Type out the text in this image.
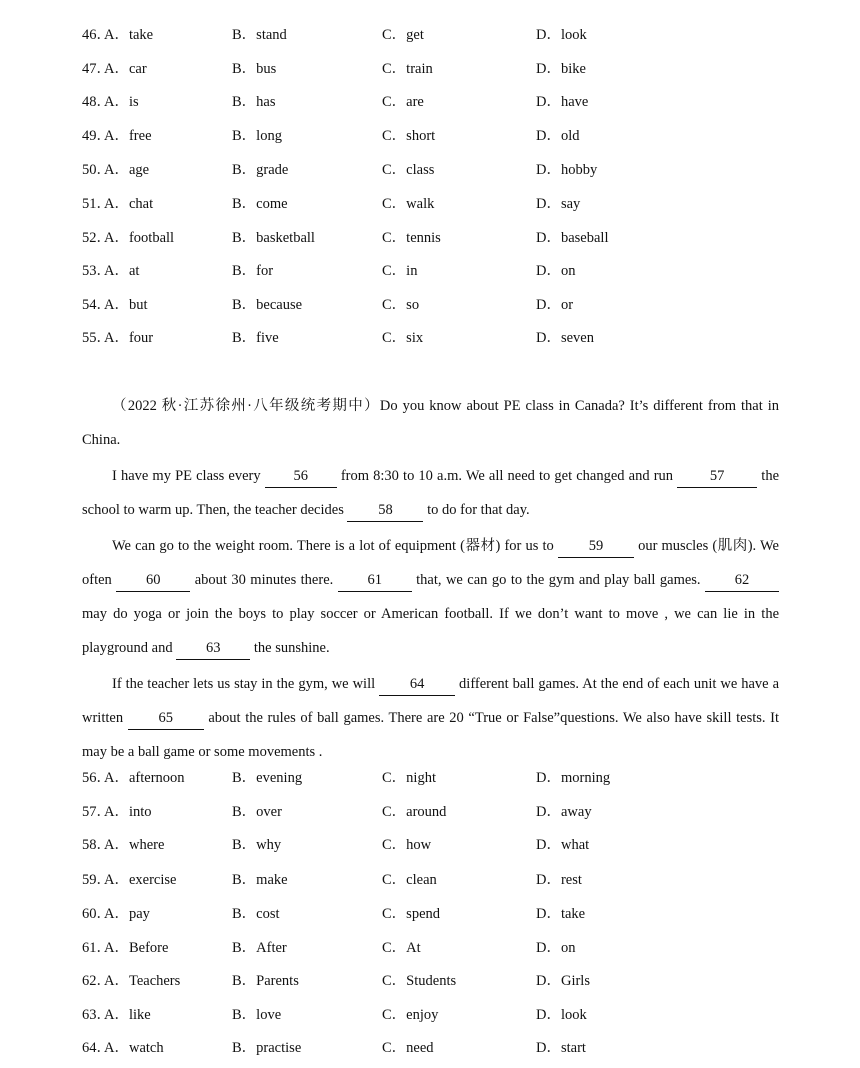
46．
A．take	B．stand	C．get	D．look
47．
A．car	B．bus	C．train	D．bike
48．
A．is	B．has	C．are	D．have
49．
A．free	B．long	C．short	D．old
50．
A．age	B．grade	C．class	D．hobby
51．
A．chat	B．come	C．walk	D．say
52．
A．football	B．basketball	C．tennis	D．baseball
53．
A．at	B．for	C．in	D．on
54．
A．but	B．because	C．so	D．or
55．
A．four	B．five	C．six	D．seven

（2022 秋·江苏徐州·八年级统考期中）Do you know about PE class in Canada? It’s different from that in China.

I have my PE class every 56 from 8:30 to 10 a.m. We all need to get changed and run 57 the school to warm up. Then, the teacher decides 58 to do for that day.

We can go to the weight room. There is a lot of equipment (器材) for us to 59 our muscles (肌肉). We often 60 about 30 minutes there. 61 that, we can go to the gym and play ball games. 62may do yoga or join the boys to play soccer or American football. If we don’t want to move , we can lie in the playground and 63 the sunshine.

If the teacher lets us stay in the gym, we will 64 different ball games. At the end of each unit we have a written 65 about the rules of ball games. There are 20 “True or False”questions. We also have skill tests. It may be a ball game or some movements .

56．
A．afternoon	B．evening	C．night	D．morning
57．
A．into	B．over	C．around	D．away
58．
A．where	B．why	C．how	D．what
59．
A．exercise	B．make	C．clean	D．rest
60．
A．pay	B．cost	C．spend	D．take
61．
A．Before	B．After	C．At	D．on
62．
A．Teachers	B．Parents	C．Students	D．Girls
63．
A．like	B．love	C．enjoy	D．look
64．
A．watch	B．practise	C．need	D．start
